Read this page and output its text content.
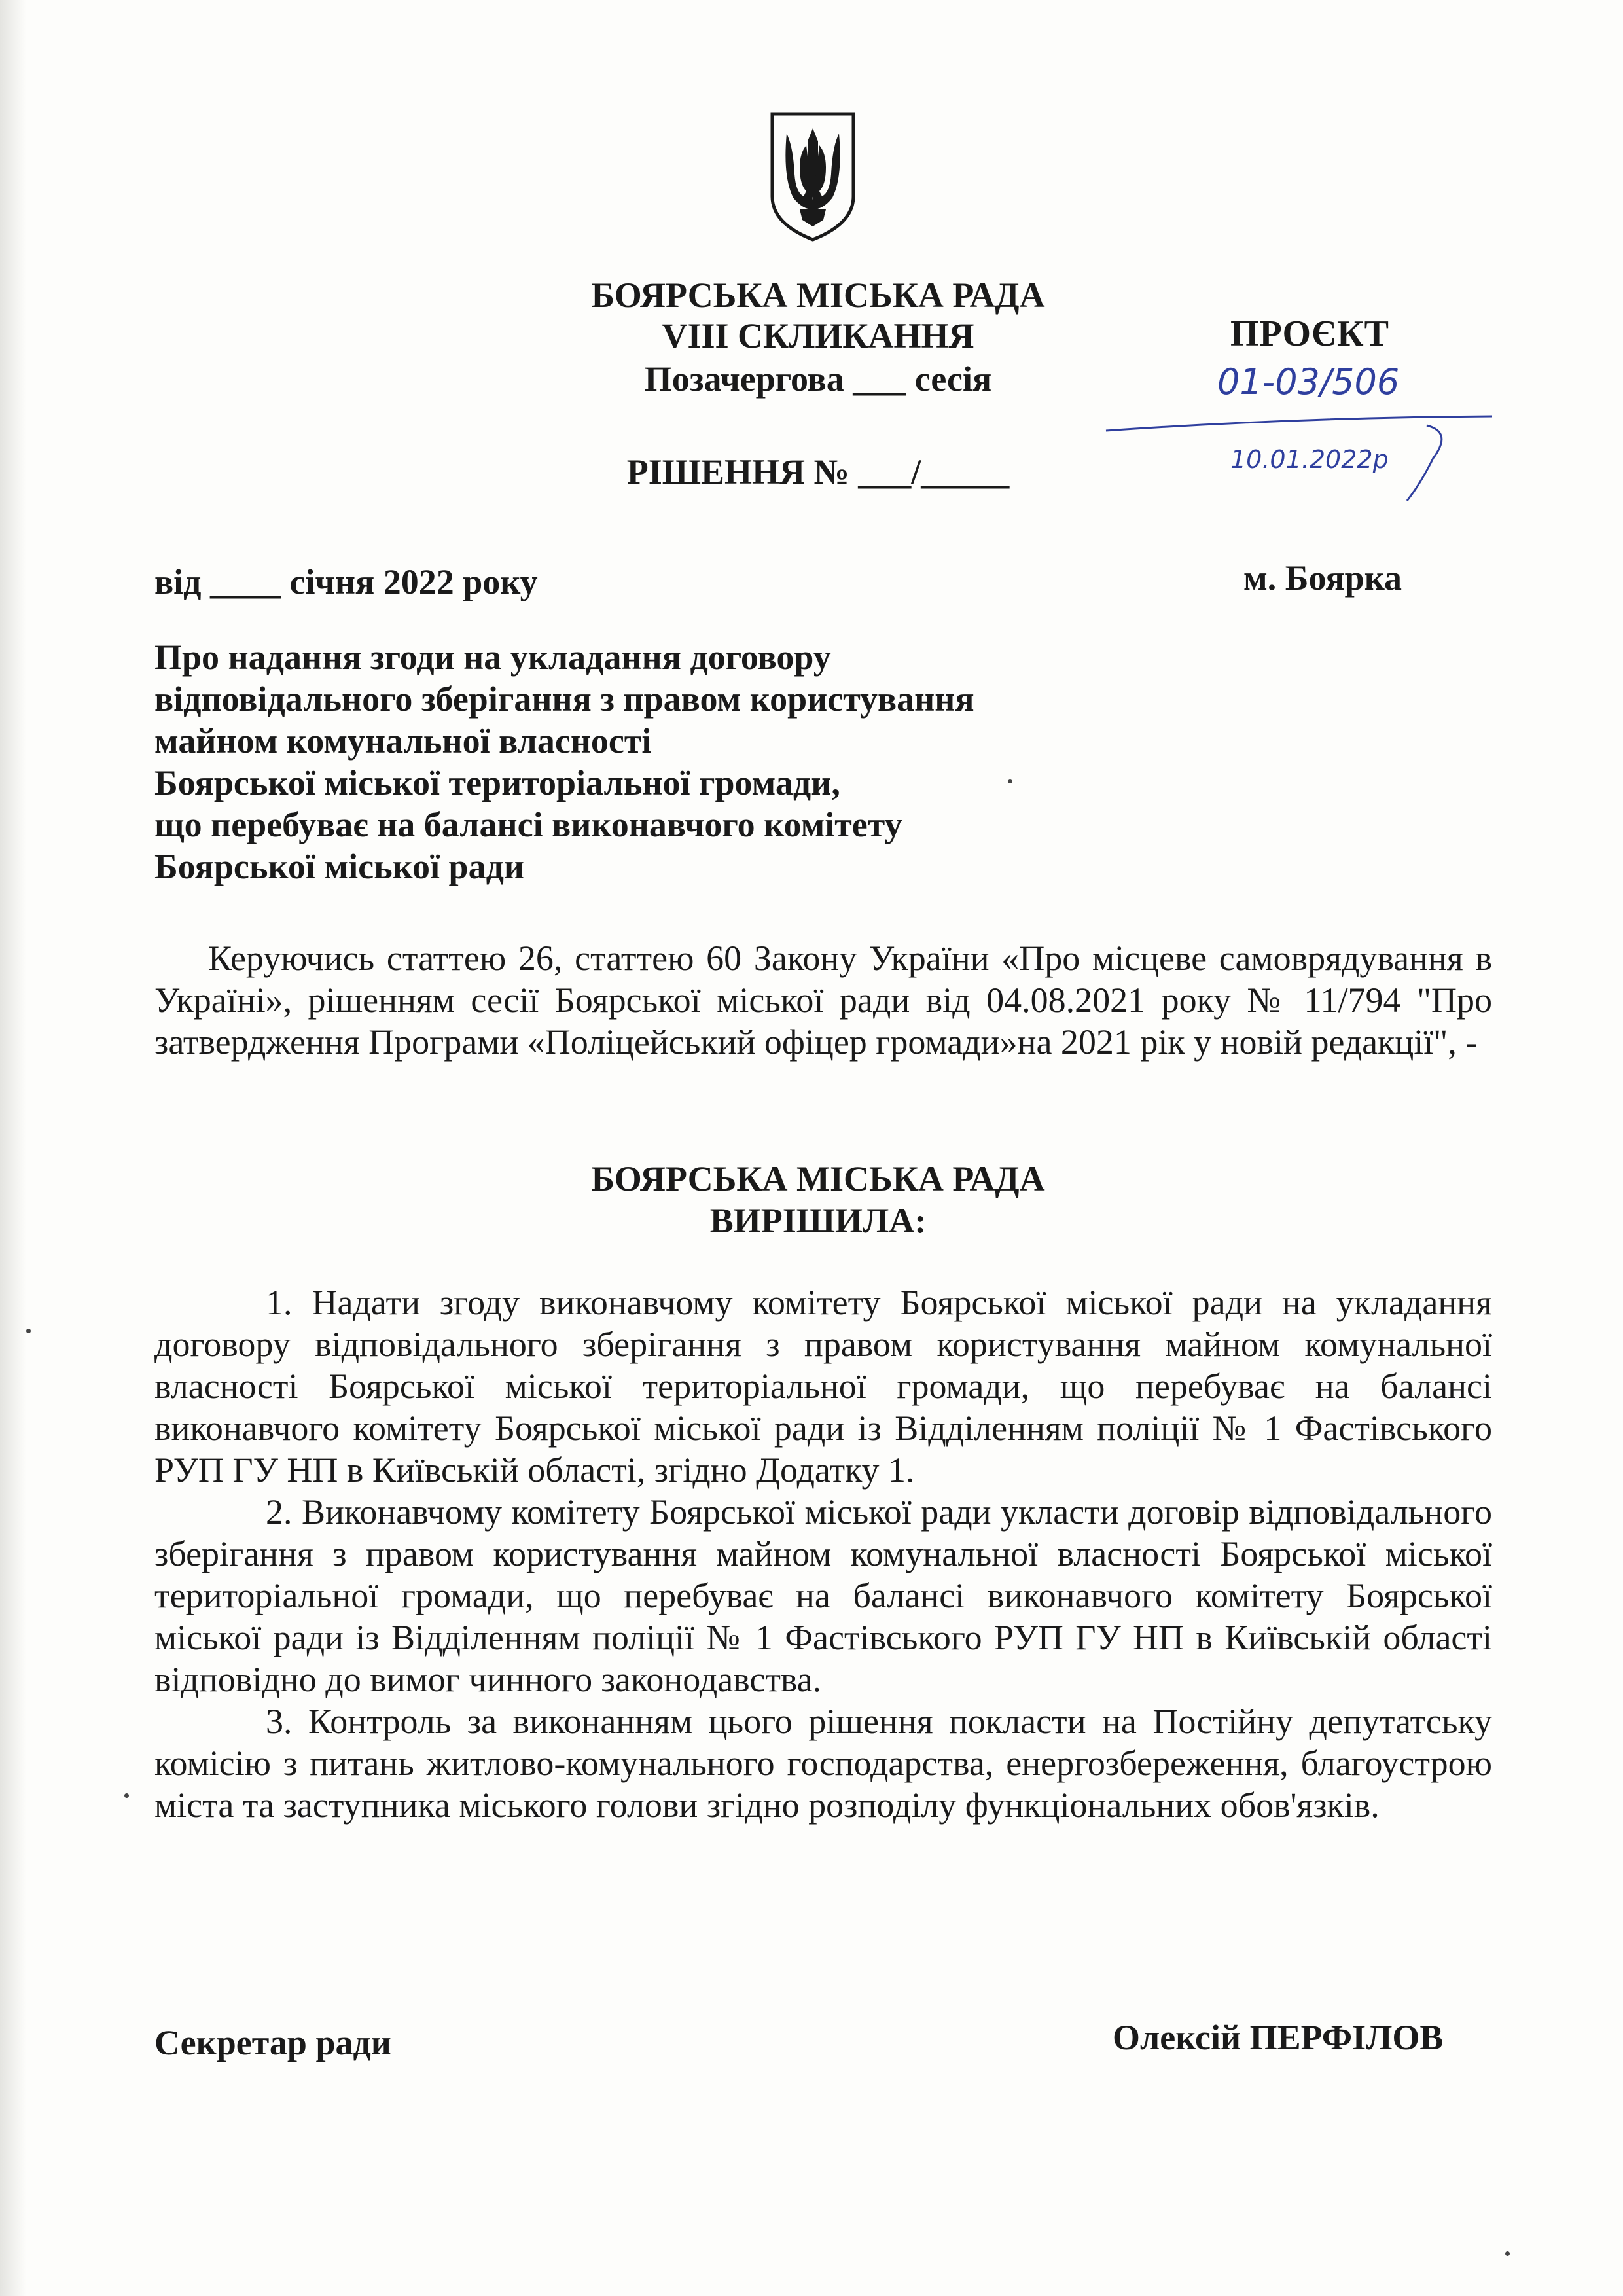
БОЯРСЬКА МІСЬКА РАДА
VIII СКЛИКАННЯ
Позачергова ___ сесія
РІШЕННЯ № ___/_____
ПРОЄКТ
01-03/506
10.01.2022р
від ____ січня 2022 року	м. Боярка
Про надання згоди на укладання договору
відповідального зберігання з правом користування
майном комунальної власності
Боярської міської територіальної громади,
що перебуває на балансі виконавчого комітету
Боярської міської ради
Керуючись статтею 26, статтею 60 Закону України «Про місцеве самоврядування в Україні», рішенням сесії Боярської міської ради від 04.08.2021 року № 11/794 "Про затвердження Програми «Поліцейський офіцер громади»на 2021 рік у новій редакції", -
БОЯРСЬКА МІСЬКА РАДА
ВИРІШИЛА:

1. Надати згоду виконавчому комітету Боярської міської ради на укладання договору відповідального зберігання з правом користування майном комунальної власності Боярської міської територіальної громади, що перебуває на балансі виконавчого комітету Боярської міської ради із Відділенням поліції № 1 Фастівського РУП ГУ НП в Київській області, згідно Додатку 1.

2. Виконавчому комітету Боярської міської ради укласти договір відповідального зберігання з правом користування майном комунальної власності Боярської міської територіальної громади, що перебуває на балансі виконавчого комітету Боярської міської ради із Відділенням поліції № 1 Фастівського РУП ГУ НП в Київській області відповідно до вимог чинного законодавства.

3. Контроль за виконанням цього рішення покласти на Постійну депутатську комісію з питань житлово-комунального господарства, енергозбереження, благоустрою міста та заступника міського голови згідно розподілу функціональних обов'язків.

Секретар ради	Олексій ПЕРФІЛОВ
